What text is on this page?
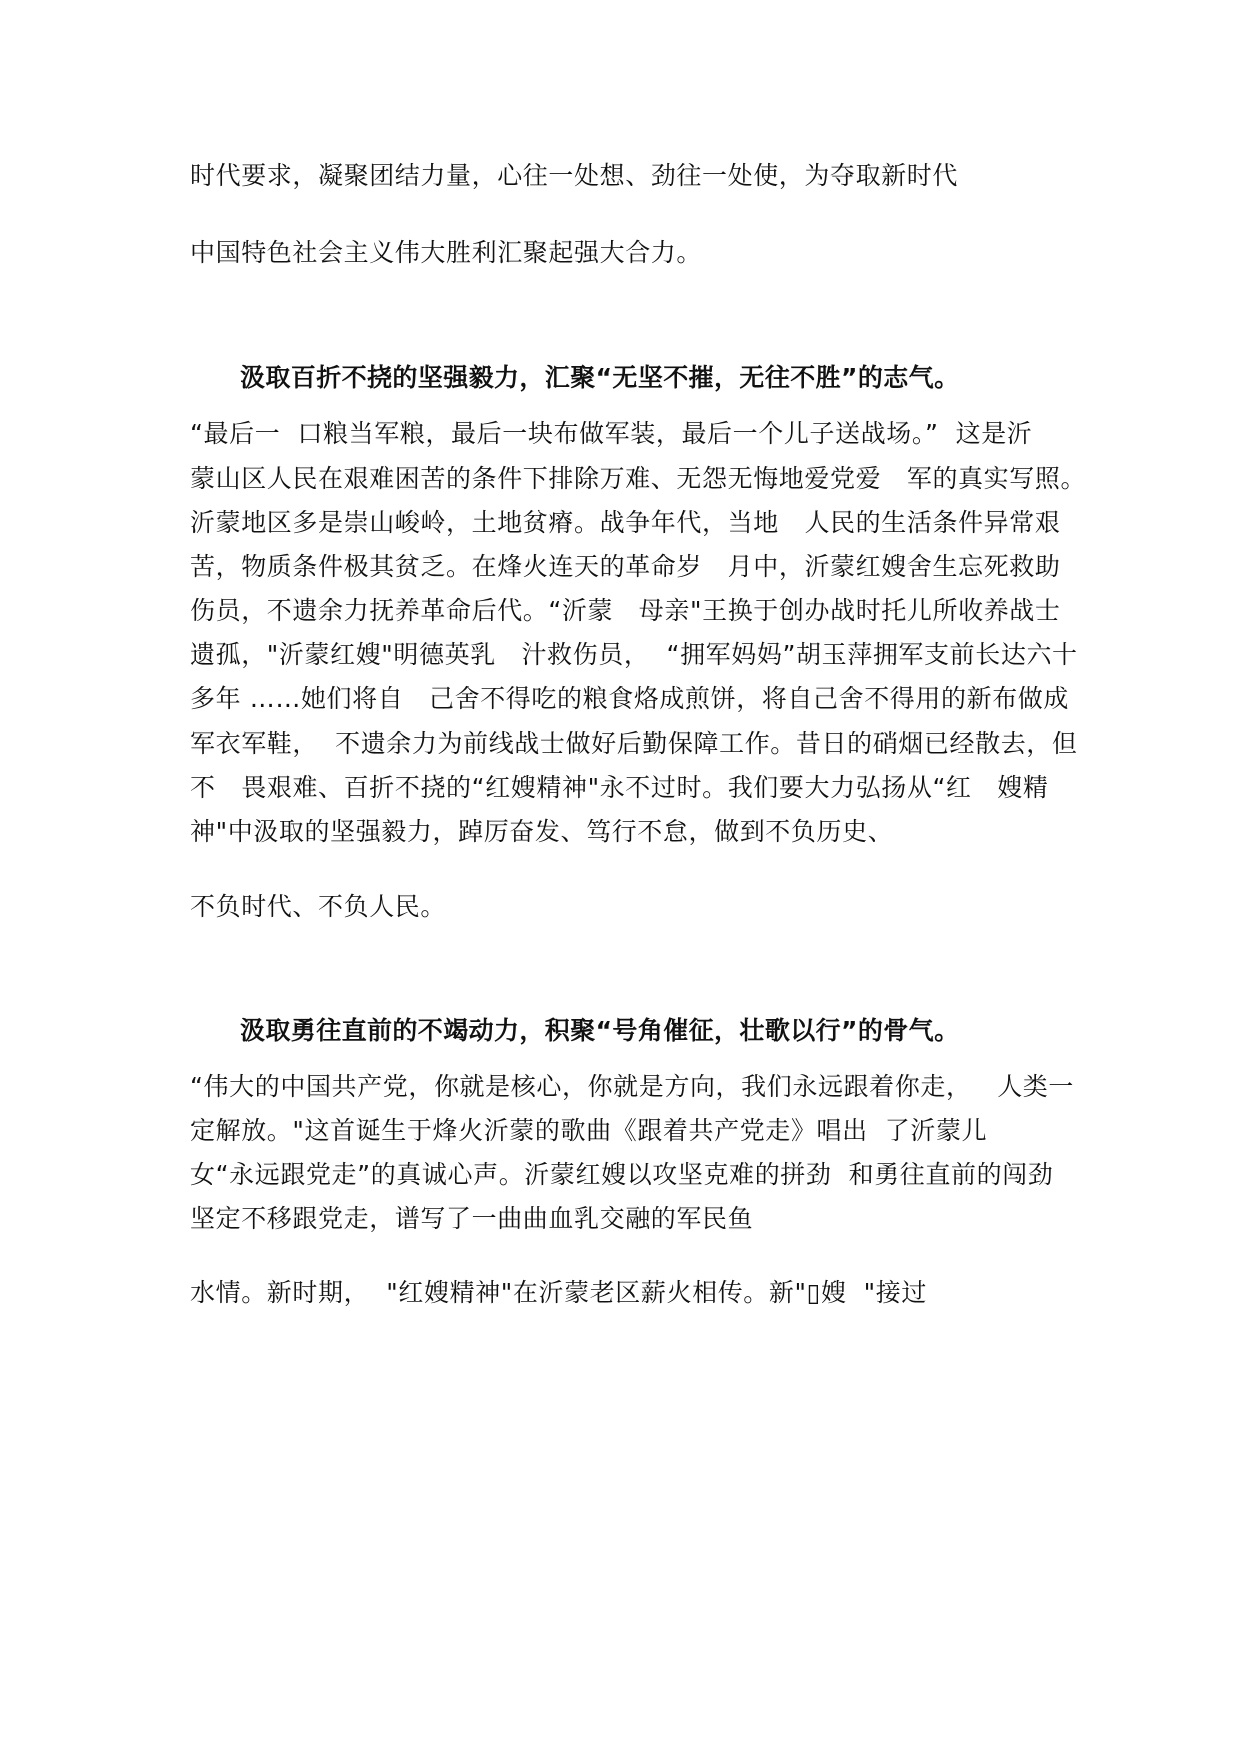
时代要求，凝聚团结力量，心往一处想、劲往一处使，为夺取新时代
中国特色社会主义伟大胜利汇聚起强大合力。
汲取百折不挠的坚强毅力，汇聚“无坚不摧，无往不胜”的志气。
“最后一  口粮当军粮，最后一块布做军装，最后一个儿子送战场。”  这是沂
蒙山区人民在艰难困苦的条件下排除万难、无怨无悔地爱党爱   军的真实写照。
沂蒙地区多是崇山峻岭，土地贫瘠。战争年代，当地   人民的生活条件异常艰
苦，物质条件极其贫乏。在烽火连天的革命岁   月中，沂蒙红嫂舍生忘死救助
伤员，不遗余力抚养革命后代。“沂蒙   母亲"王换于创办战时托儿所收养战士
遗孤，"沂蒙红嫂"明德英乳   汁救伤员，  “拥军妈妈”胡玉萍拥军支前长达六十
多年 ……她们将自   己舍不得吃的粮食烙成煎饼，将自己舍不得用的新布做成
军衣军鞋，  不遗余力为前线战士做好后勤保障工作。昔日的硝烟已经散去，但
不   畏艰难、百折不挠的“红嫂精神"永不过时。我们要大力弘扬从“红   嫂精
神"中汲取的坚强毅力，踔厉奋发、笃行不怠，做到不负历史、
不负时代、不负人民。
汲取勇往直前的不竭动力，积聚“号角催征，壮歌以行”的骨气。
“伟大的中国共产党，你就是核心，你就是方向，我们永远跟着你走，   人类一
定解放。"这首诞生于烽火沂蒙的歌曲《跟着共产党走》唱出  了沂蒙儿
女“永远跟党走”的真诚心声。沂蒙红嫂以攻坚克难的拼劲  和勇往直前的闯劲
坚定不移跟党走，谱写了一曲曲血乳交融的军民鱼
水情。新时期，  "红嫂精神"在沂蒙老区薪火相传。新"▯嫂  "接过
